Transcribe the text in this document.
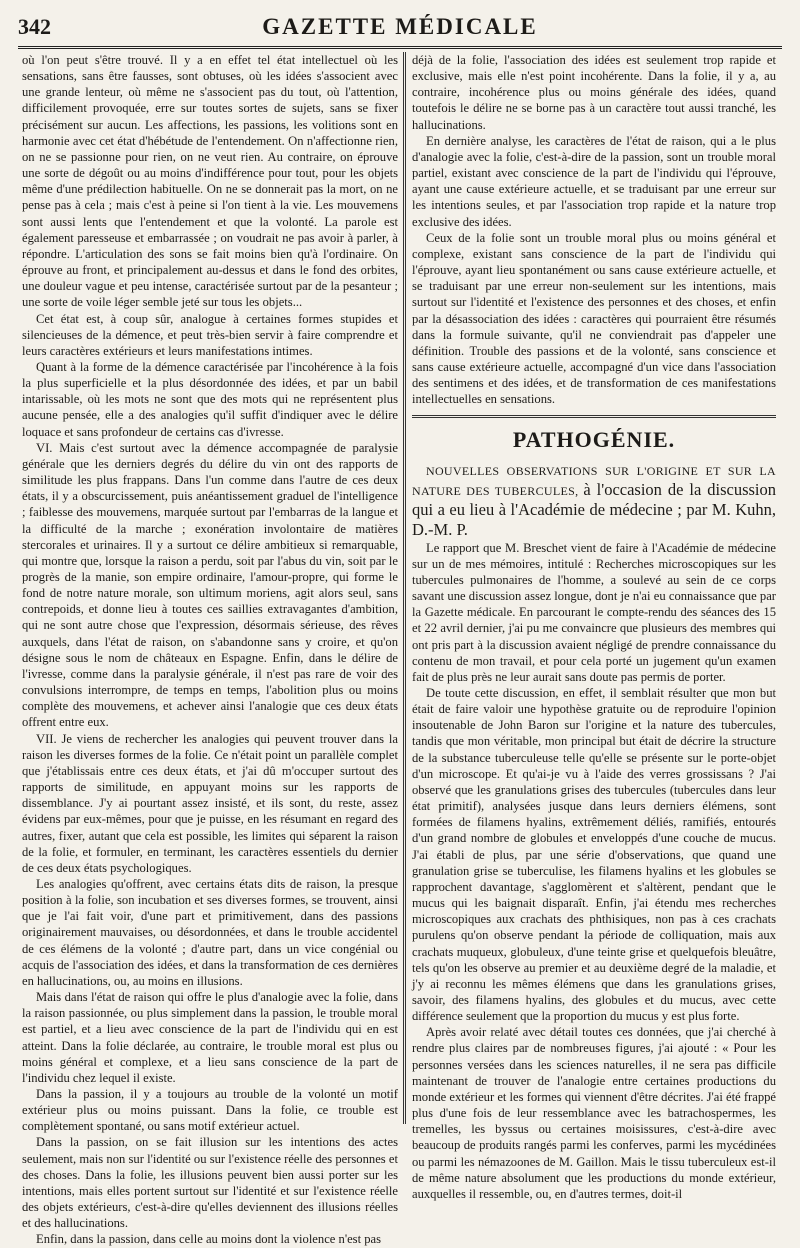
GAZETTE MÉDICALE
342

où l'on peut s'être trouvé. Il y a en effet tel état intellectuel où les sensations, sans être fausses, sont obtuses, où les idées s'associent avec une grande lenteur, où même ne s'associent pas du tout, où l'attention, difficilement provoquée, erre sur toutes sortes de sujets, sans se fixer précisément sur aucun. Les affections, les passions, les volitions sont en harmonie avec cet état d'hébétude de l'entendement. On n'affectionne rien, on ne se passionne pour rien, on ne veut rien. Au contraire, on éprouve une sorte de dégoût ou au moins d'indifférence pour tout, pour les objets même d'une prédilection habituelle. On ne se donnerait pas la mort, on ne pense pas à cela ; mais c'est à peine si l'on tient à la vie. Les mouvemens sont aussi lents que l'entendement et que la volonté. La parole est également paresseuse et embarrassée ; on voudrait ne pas avoir à parler, à répondre. L'articulation des sons se fait moins bien qu'à l'ordinaire. On éprouve au front, et principalement au-dessus et dans le fond des orbites, une douleur vague et peu intense, caractérisée surtout par de la pesanteur ; une sorte de voile léger semble jeté sur tous les objets...

Cet état est, à coup sûr, analogue à certaines formes stupides et silencieuses de la démence, et peut très-bien servir à faire comprendre et leurs caractères extérieurs et leurs manifestations intimes.

Quant à la forme de la démence caractérisée par l'incohérence à la fois la plus superficielle et la plus désordonnée des idées, et par un babil intarissable, où les mots ne sont que des mots qui ne représentent plus aucune pensée, elle a des analogies qu'il suffit d'indiquer avec le délire loquace et sans profondeur de certains cas d'ivresse.

VI. Mais c'est surtout avec la démence accompagnée de paralysie générale que les derniers degrés du délire du vin ont des rapports de similitude les plus frappans. Dans l'un comme dans l'autre de ces deux états, il y a obscurcissement, puis anéantissement graduel de l'intelligence ; faiblesse des mouvemens, marquée surtout par l'embarras de la langue et la difficulté de la marche ; exonération involontaire de matières stercorales et urinaires. Il y a surtout ce délire ambitieux si remarquable, qui montre que, lorsque la raison a perdu, soit par l'abus du vin, soit par le progrès de la manie, son empire ordinaire, l'amour-propre, qui forme le fond de notre nature morale, son ultimum moriens, agit alors seul, sans contrepoids, et donne lieu à toutes ces saillies extravagantes d'ambition, qui ne sont autre chose que l'expression, désormais sérieuse, des rêves auxquels, dans l'état de raison, on s'abandonne sans y croire, et qu'on désigne sous le nom de châteaux en Espagne. Enfin, dans le délire de l'ivresse, comme dans la paralysie générale, il n'est pas rare de voir des convulsions interrompre, de temps en temps, l'abolition plus ou moins complète des mouvemens, et achever ainsi l'analogie que ces deux états offrent entre eux.

VII. Je viens de rechercher les analogies qui peuvent trouver dans la raison les diverses formes de la folie. Ce n'était point un parallèle complet que j'établissais entre ces deux états, et j'ai dû m'occuper surtout des rapports de similitude, en appuyant moins sur les rapports de dissemblance. J'y ai pourtant assez insisté, et ils sont, du reste, assez évidens par eux-mêmes, pour que je puisse, en les résumant en regard des autres, fixer, autant que cela est possible, les limites qui séparent la raison de la folie, et formuler, en terminant, les caractères essentiels du dernier de ces deux états psychologiques.

Les analogies qu'offrent, avec certains états dits de raison, la presque position à la folie, son incubation et ses diverses formes, se trouvent, ainsi que je l'ai fait voir, d'une part et primitivement, dans des passions originairement mauvaises, ou désordonnées, et dans le trouble accidentel de ces élémens de la volonté ; d'autre part, dans un vice congénial ou acquis de l'association des idées, et dans la transformation de ces dernières en hallucinations, ou, au moins en illusions.

Mais dans l'état de raison qui offre le plus d'analogie avec la folie, dans la raison passionnée, ou plus simplement dans la passion, le trouble moral est partiel, et a lieu avec conscience de la part de l'individu qui en est atteint. Dans la folie déclarée, au contraire, le trouble moral est plus ou moins général et complexe, et a lieu sans conscience de la part de l'individu chez lequel il existe.

Dans la passion, il y a toujours au trouble de la volonté un motif extérieur plus ou moins puissant. Dans la folie, ce trouble est complètement spontané, ou sans motif extérieur actuel.

Dans la passion, on se fait illusion sur les intentions des actes seulement, mais non sur l'identité ou sur l'existence réelle des personnes et des choses. Dans la folie, les illusions peuvent bien aussi porter sur les intentions, mais elles portent surtout sur l'identité et sur l'existence réelle des objets extérieurs, c'est-à-dire qu'elles deviennent des illusions réelles et des hallucinations.

Enfin, dans la passion, dans celle au moins dont la violence n'est pas

déjà de la folie, l'association des idées est seulement trop rapide et exclusive, mais elle n'est point incohérente. Dans la folie, il y a, au contraire, incohérence plus ou moins générale des idées, quand toutefois le délire ne se borne pas à un caractère tout aussi tranché, les hallucinations.

En dernière analyse, les caractères de l'état de raison, qui a le plus d'analogie avec la folie, c'est-à-dire de la passion, sont un trouble moral partiel, existant avec conscience de la part de l'individu qui l'éprouve, ayant une cause extérieure actuelle, et se traduisant par une erreur sur les intentions seules, et par l'association trop rapide et la nature trop exclusive des idées.

Ceux de la folie sont un trouble moral plus ou moins général et complexe, existant sans conscience de la part de l'individu qui l'éprouve, ayant lieu spontanément ou sans cause extérieure actuelle, et se traduisant par une erreur non-seulement sur les intentions, mais surtout sur l'identité et l'existence des personnes et des choses, et enfin par la désassociation des idées : caractères qui pourraient être résumés dans la formule suivante, qu'il ne conviendrait pas d'appeler une définition. Trouble des passions et de la volonté, sans conscience et sans cause extérieure actuelle, accompagné d'un vice dans l'association des sentimens et des idées, et de transformation de ces manifestations intellectuelles en sensations.

PATHOGÉNIE.

NOUVELLES OBSERVATIONS SUR L'ORIGINE ET SUR LA NATURE DES TUBERCULES, à l'occasion de la discussion qui a eu lieu à l'Académie de médecine ; par M. Kuhn, D.-M. P.

Le rapport que M. Breschet vient de faire à l'Académie de médecine sur un de mes mémoires, intitulé : Recherches microscopiques sur les tubercules pulmonaires de l'homme, a soulevé au sein de ce corps savant une discussion assez longue, dont je n'ai eu connaissance que par la Gazette médicale. En parcourant le compte-rendu des séances des 15 et 22 avril dernier, j'ai pu me convaincre que plusieurs des membres qui ont pris part à la discussion avaient négligé de prendre connaissance du contenu de mon travail, et pour cela porté un jugement qu'un examen fait de plus près ne leur aurait sans doute pas permis de porter.

De toute cette discussion, en effet, il semblait résulter que mon but était de faire valoir une hypothèse gratuite ou de reproduire l'opinion insoutenable de John Baron sur l'origine et la nature des tubercules, tandis que mon véritable, mon principal but était de décrire la structure de la substance tuberculeuse telle qu'elle se présente sur le porte-objet d'un microscope. Et qu'ai-je vu à l'aide des verres grossissans ? J'ai observé que les granulations grises des tubercules (tubercules dans leur état primitif), analysées jusque dans leurs derniers élémens, sont formées de filamens hyalins, extrêmement déliés, ramifiés, entourés d'un grand nombre de globules et enveloppés d'une couche de mucus. J'ai établi de plus, par une série d'observations, que quand une granulation grise se tuberculise, les filamens hyalins et les globules se rapprochent davantage, s'agglomèrent et s'altèrent, pendant que le mucus qui les baignait disparaît. Enfin, j'ai étendu mes recherches microscopiques aux crachats des phthisiques, non pas à ces crachats purulens qu'on observe pendant la période de colliquation, mais aux crachats muqueux, globuleux, d'une teinte grise et quelquefois bleuâtre, tels qu'on les observe au premier et au deuxième degré de la maladie, et j'y ai reconnu les mêmes élémens que dans les granulations grises, savoir, des filamens hyalins, des globules et du mucus, avec cette différence seulement que la proportion du mucus y est plus forte.

Après avoir relaté avec détail toutes ces données, que j'ai cherché à rendre plus claires par de nombreuses figures, j'ai ajouté : « Pour les personnes versées dans les sciences naturelles, il ne sera pas difficile maintenant de trouver de l'analogie entre certaines productions du monde extérieur et les formes qui viennent d'être décrites. J'ai été frappé plus d'une fois de leur ressemblance avec les batrachospermes, les tremelles, les byssus ou certaines moisissures, c'est-à-dire avec beaucoup de produits rangés parmi les conferves, parmi les mycédinées ou parmi les némazoones de M. Gaillon. Mais le tissu tuberculeux est-il de même nature absolument que les productions du monde extérieur, auxquelles il ressemble, ou, en d'autres termes, doit-il
